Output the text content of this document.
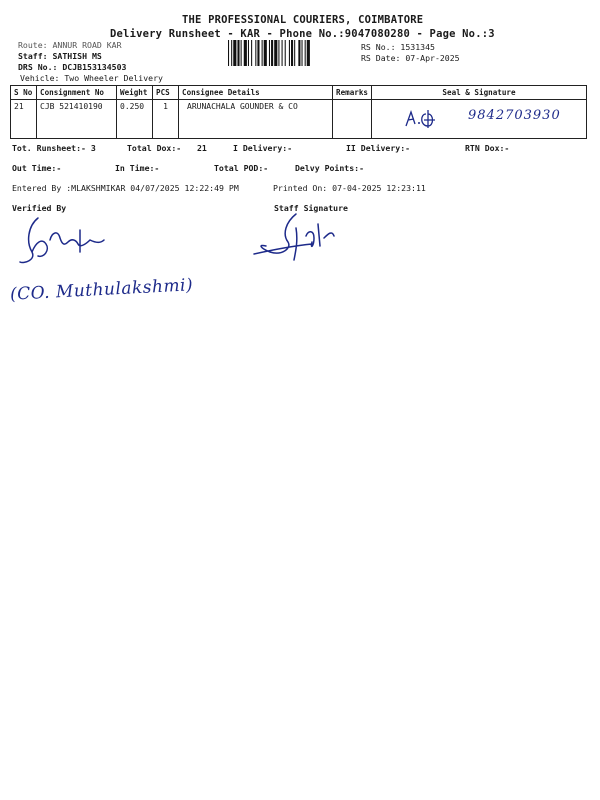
THE PROFESSIONAL COURIERS, COIMBATORE
Delivery Runsheet - KAR - Phone No.:9047080280 - Page No.:3
Route: ANNUR ROAD KAR
Staff: SATHISH MS
DRS No.: DCJB153134503
Vehicle: Two Wheeler Delivery
RS No.: 1531345
RS Date: 07-Apr-2025
S No	Consignment No	Weight	PCS	Consignee Details	Remarks	Seal & Signature
21	CJB 521410190	0.250	1	ARUNACHALA GOUNDER & CO		9842703930
Tot. Runsheet:- 3	Total Dox:- 21	I Delivery:-	II Delivery:-	RTN Dox:-
Out Time:-	In Time:-	Total POD:-	Delvy Points:-
Entered By :MLAKSHMIKAR 04/07/2025 12:22:49 PM	Printed On: 07-04-2025 12:23:11
Verified By	Staff Signature
(CO. Muthulakshmi)
